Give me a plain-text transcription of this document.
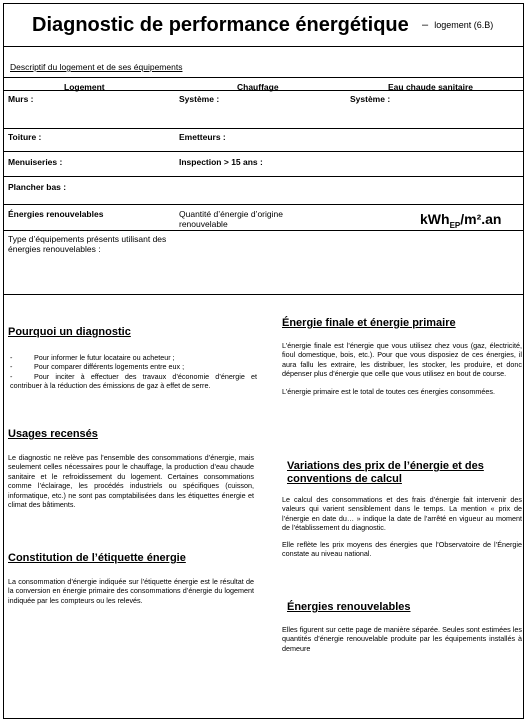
Diagnostic de performance énergétique – logement (6.B)
Descriptif du logement et de ses équipements
Logement	Chauffage	Eau chaude sanitaire
Murs :	Système :	Système :
Toiture :	Emetteurs :
Menuiseries :	Inspection > 15 ans :
Plancher bas :
Énergies renouvelables	Quantité d’énergie d’origine renouvelable	kWh$_{EP}$/m².an
Type d’équipements présents utilisant des énergies renouvelables :
Pourquoi un diagnostic
-	Pour informer le futur locataire ou acheteur ;
-	Pour comparer différents logements entre eux ;
-	Pour inciter à effectuer des travaux d’économie d’énergie et contribuer à la réduction des émissions de gaz à effet de serre.
Usages recensés

Le diagnostic ne relève pas l’ensemble des consommations d’énergie, mais seulement celles nécessaires pour le chauffage, la production d’eau chaude sanitaire et le refroidissement du logement. Certaines consommations comme l’éclairage, les procédés industriels ou spécifiques (cuisson, informatique, etc.) ne sont pas comptabilisées dans les étiquettes énergie et climat des bâtiments.

Constitution de l’étiquette énergie

La consommation d’énergie indiquée sur l’étiquette énergie est le résultat de la conversion en énergie primaire des consommations d’énergie du logement indiquée par les compteurs ou les relevés.

Énergie finale et énergie primaire

L’énergie finale est l’énergie que vous utilisez chez vous (gaz, électricité, fioul domestique, bois, etc.). Pour que vous disposiez de ces énergies, il aura fallu les extraire, les distribuer, les stocker, les produire, et donc dépenser plus d’énergie que celle que vous utilisez en bout de course.

L’énergie primaire est le total de toutes ces énergies consommées.

Variations des prix de l’énergie et des
conventions de calcul

Le calcul des consommations et des frais d’énergie fait intervenir des valeurs qui varient sensiblement dans le temps. La mention « prix de l’énergie en date du… » indique la date de l’arrêté en vigueur au moment de l’établissement du diagnostic.

Elle reflète les prix moyens des énergies que l’Observatoire de l’Énergie constate au niveau national.

Énergies renouvelables

Elles figurent sur cette page de manière séparée. Seules sont estimées les quantités d’énergie renouvelable produite par les équipements installés à demeure
